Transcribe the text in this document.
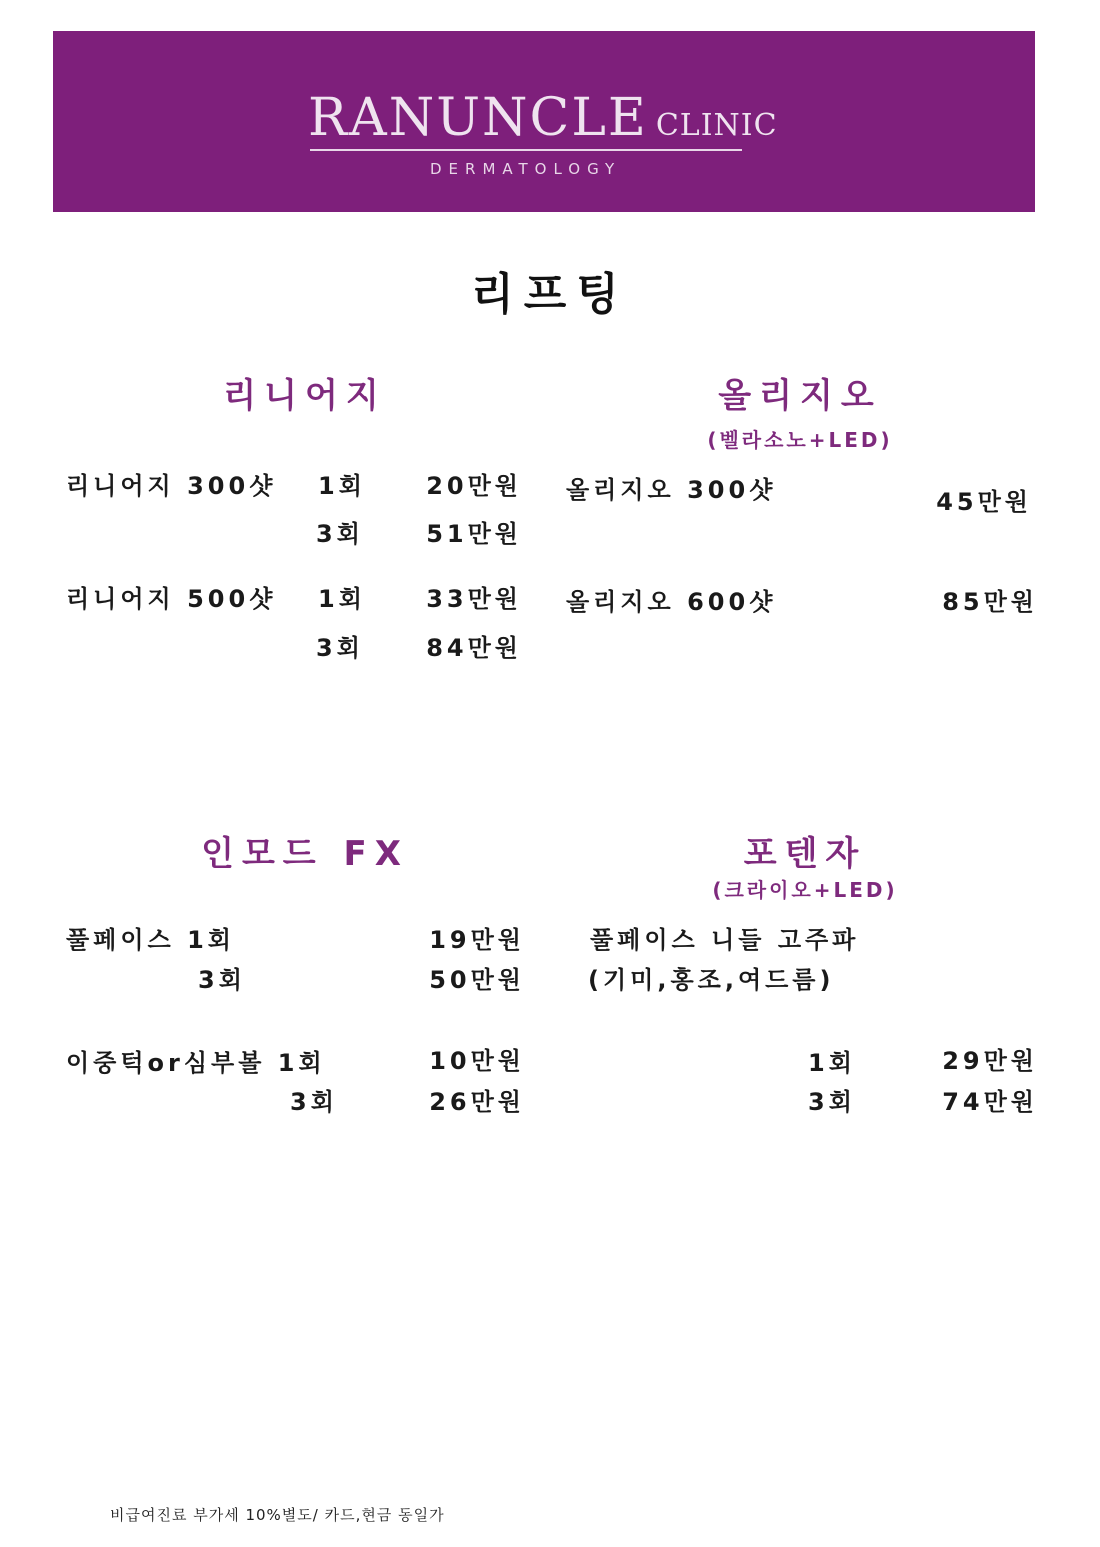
RANUNCLE CLINIC
DERMATOLOGY
리프팅
리니어지
리니어지 300샷 1회	20만원
3회	51만원
리니어지 500샷 1회	33만원
3회	84만원
올리지오
(벨라소노+LED)
올리지오 300샷	45만원
올리지오 600샷	85만원
인모드 FX
풀페이스 1회	19만원
3회	50만원
이중턱or심부볼 1회	10만원
3회	26만원
포텐자
(크라이오+LED)
풀페이스 니들 고주파
(기미,홍조,여드름)
1회	29만원
3회	74만원
비급여진료 부가세 10%별도/ 카드,현금 동일가
